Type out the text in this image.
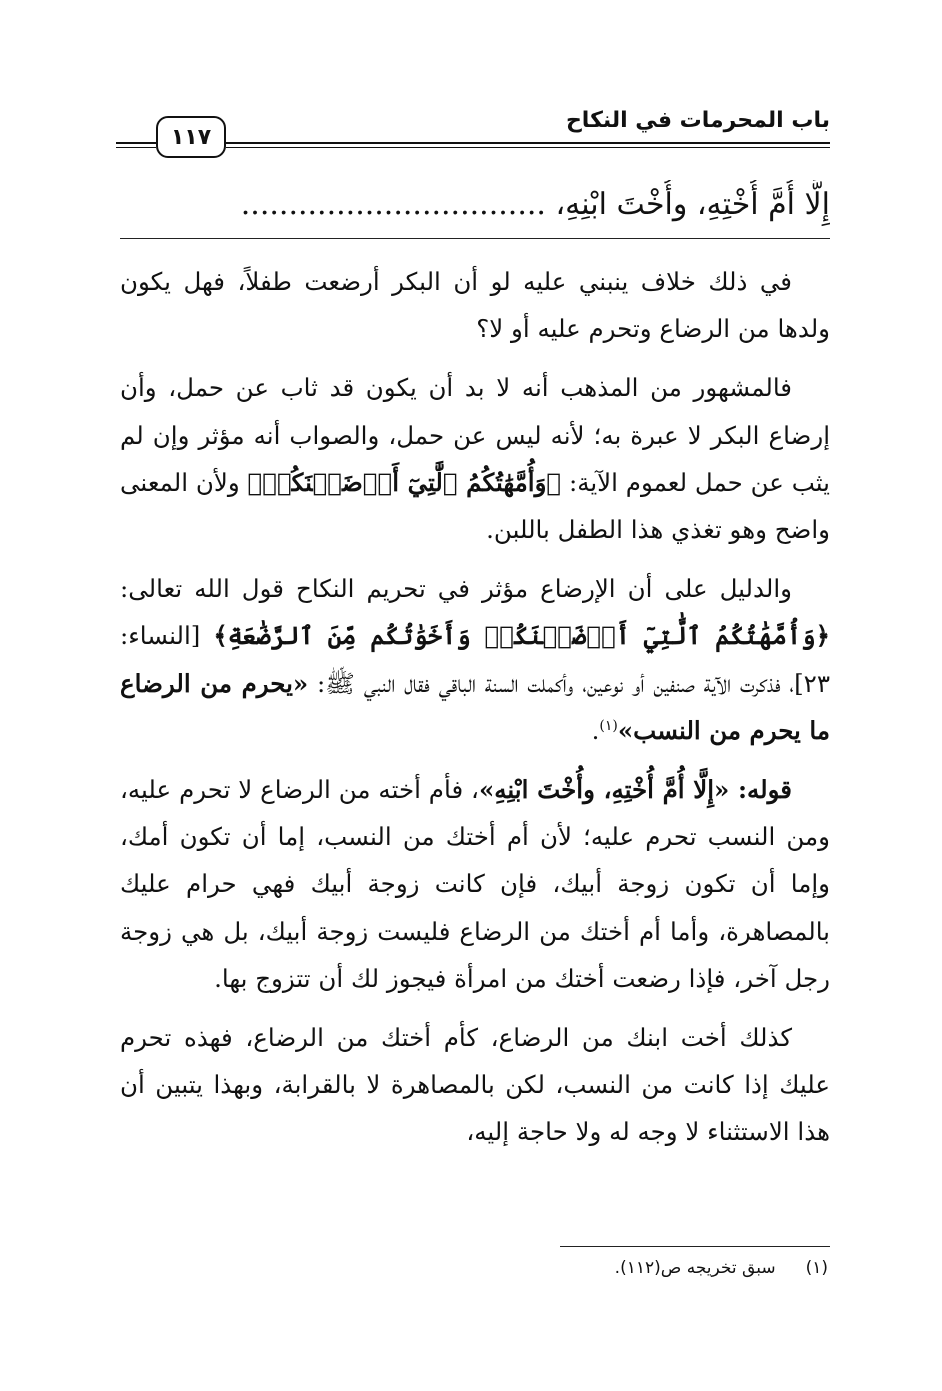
باب المحرمات في النكاح
١١٧
إِلَّا أُمَّ أُخْتِهِ، وأُخْتَ ابْنِهِ، ................................

في ذلك خلاف ينبني عليه لو أن البكر أرضعت طفلاً، فهل يكون ولدها من الرضاع وتحرم عليه أو لا؟

فالمشهور من المذهب أنه لا بد أن يكون قد ثاب عن حمل، وأن إرضاع البكر لا عبرة به؛ لأنه ليس عن حمل، والصواب أنه مؤثر وإن لم يثب عن حمل لعموم الآية: ﴿وَأُمَّهَٰتُكُمُ ٱلَّٰتِيٓ أَرۡضَعۡنَكُمۡ﴾ ولأن المعنى واضح وهو تغذي هذا الطفل باللبن.

والدليل على أن الإرضاع مؤثر في تحريم النكاح قول الله تعالى: ﴿وَأُمَّهَٰتُكُمُ ٱلَّٰتِيٓ أَرۡضَعۡنَكُمۡ وَأَخَوَٰتُكُم مِّنَ ٱلرَّضَٰعَةِ﴾ [النساء: ٢٣]، فذكرت الآية صنفين أو نوعين، وأكملت السنة الباقي فقال النبي ﷺ: «يحرم من الرضاع ما يحرم من النسب»$^{(١)}$.

قوله: «إِلَّا أُمَّ أُخْتِهِ، وأُخْتَ ابْنِهِ»، فأم أخته من الرضاع لا تحرم عليه، ومن النسب تحرم عليه؛ لأن أم أختك من النسب، إما أن تكون أمك، وإما أن تكون زوجة أبيك، فإن كانت زوجة أبيك فهي حرام عليك بالمصاهرة، وأما أم أختك من الرضاع فليست زوجة أبيك، بل هي زوجة رجل آخر، فإذا رضعت أختك من امرأة فيجوز لك أن تتزوج بها.

كذلك أخت ابنك من الرضاع، كأم أختك من الرضاع، فهذه تحرم عليك إذا كانت من النسب، لكن بالمصاهرة لا بالقرابة، وبهذا يتبين أن هذا الاستثناء لا وجه له ولا حاجة إليه،

(١)سبق تخريجه ص(١١٢).
